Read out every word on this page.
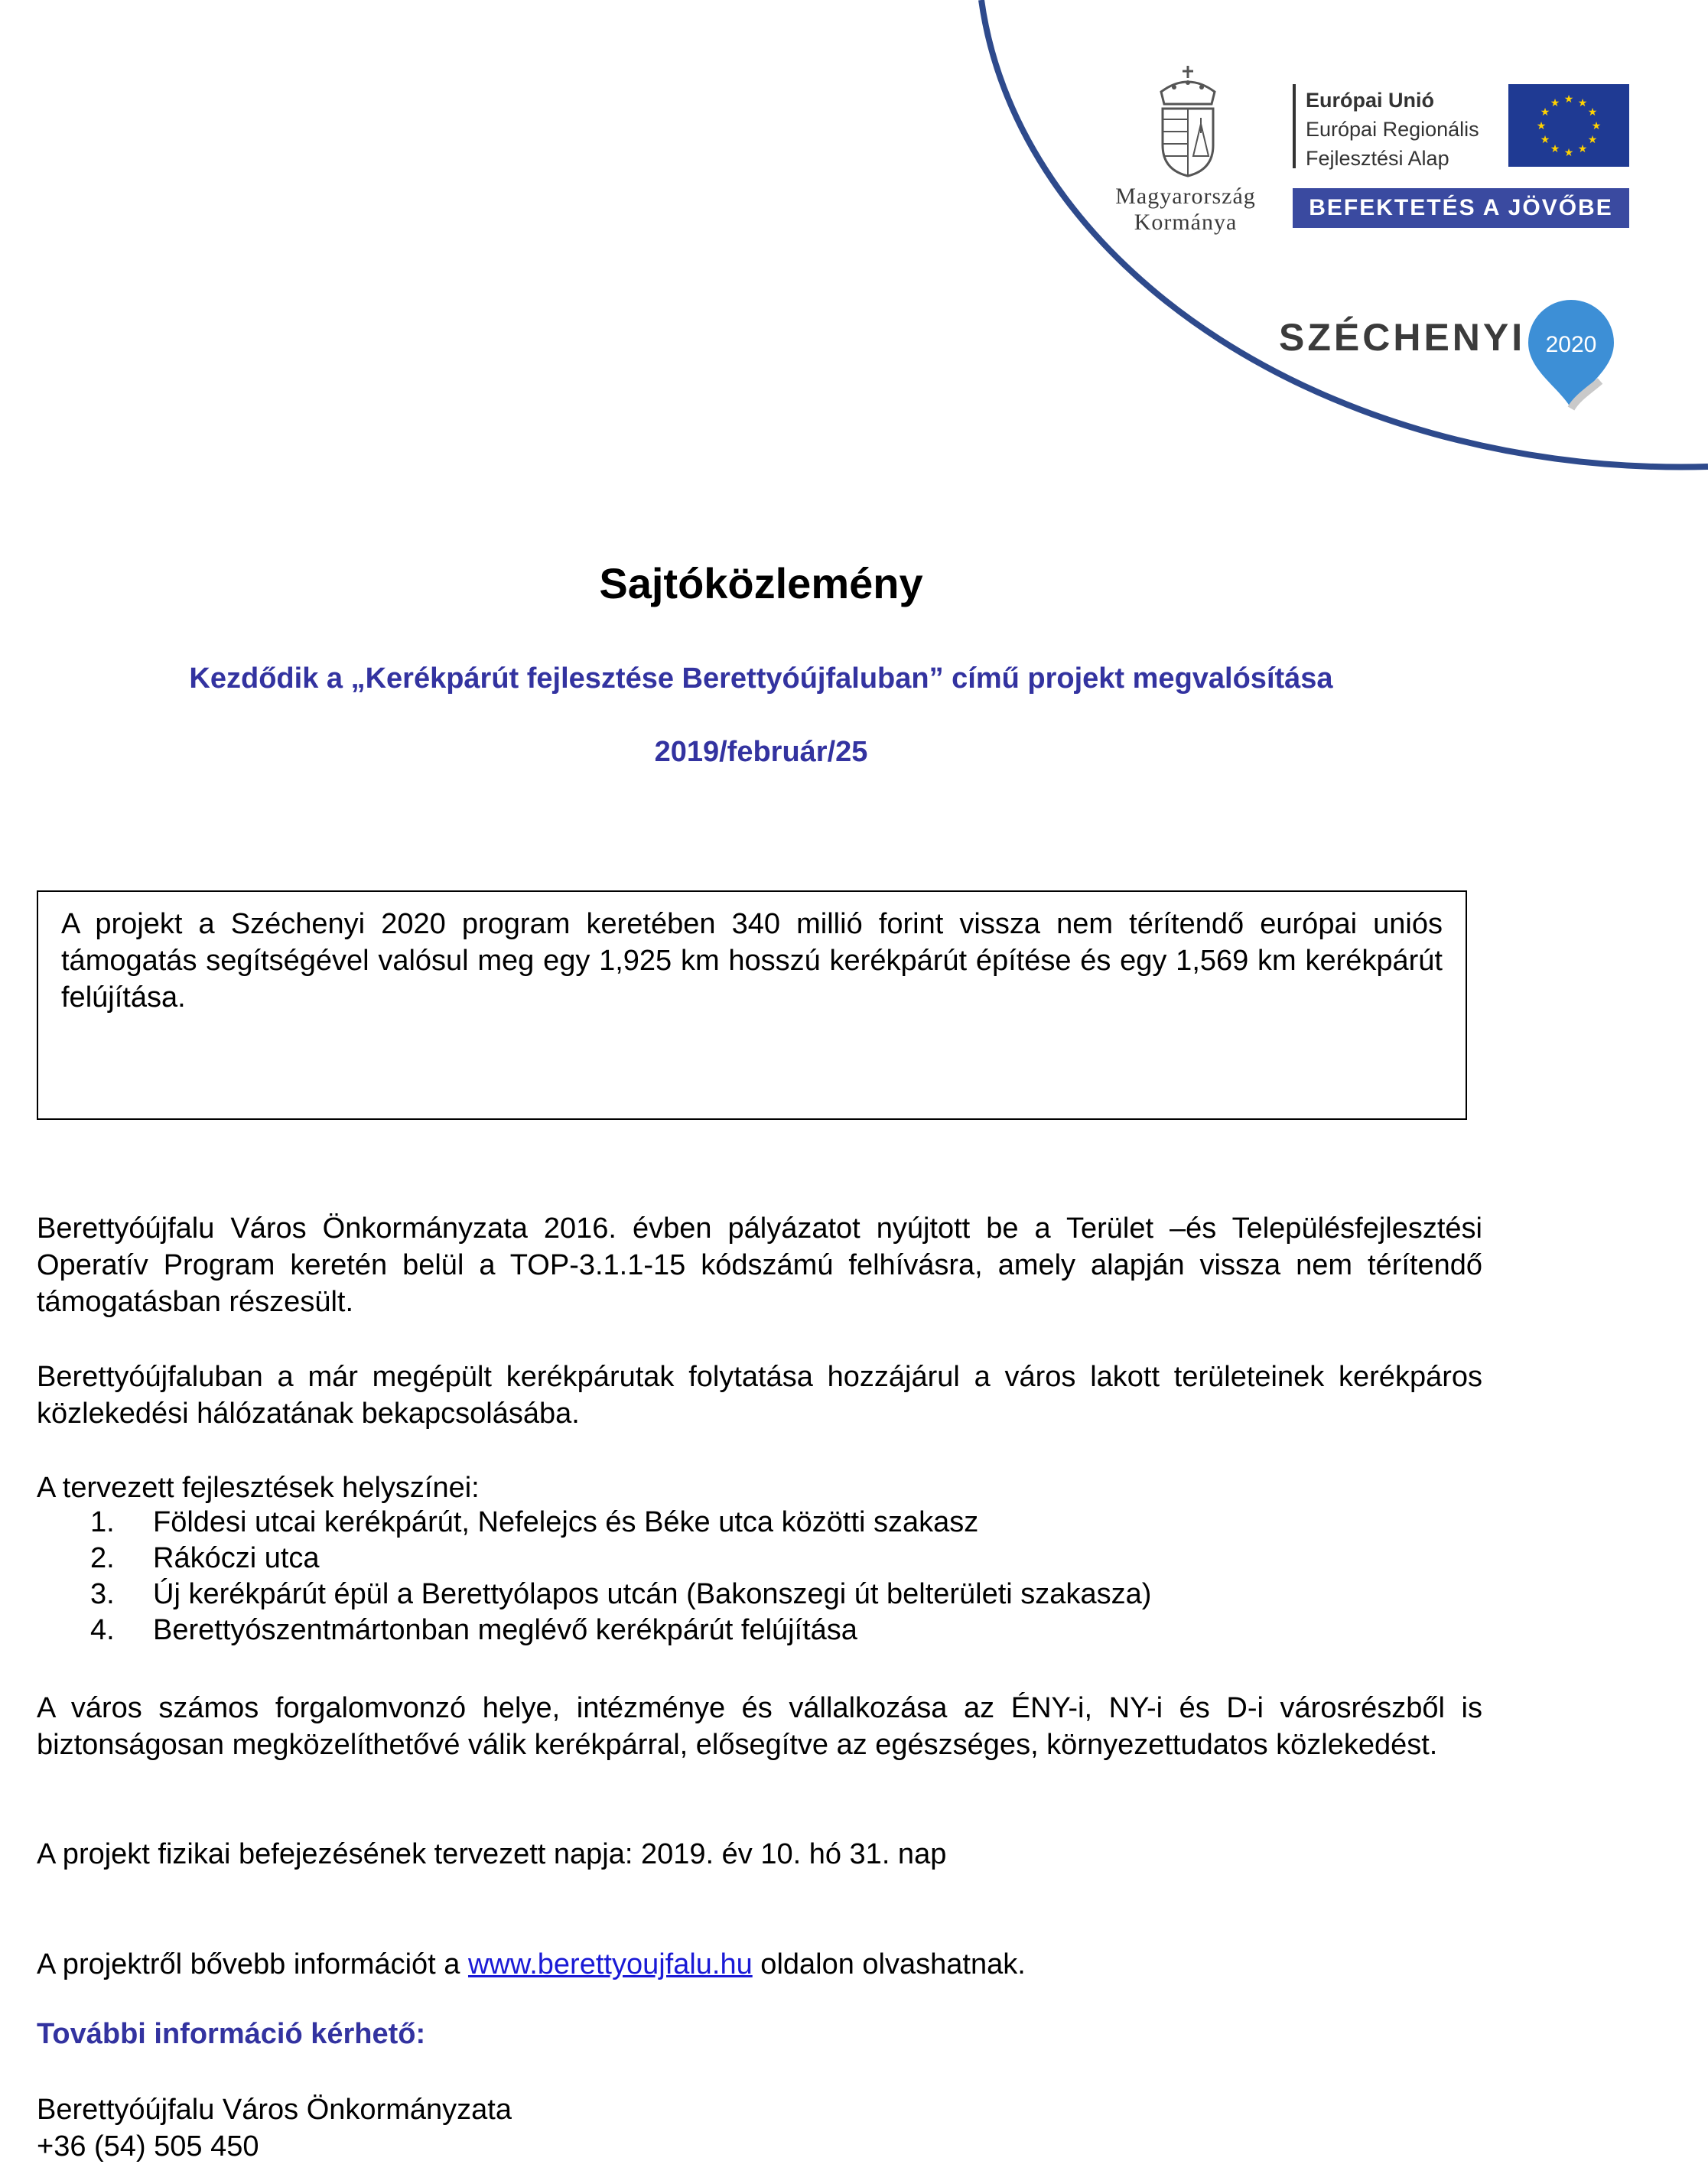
Magyarország
Kormánya
Európai Unió
Európai Regionális
Fejlesztési Alap
★ ★
★
★
★
★
★
★
★
★
★
★
BEFEKTETÉS A JÖVŐBE
SZÉCHENYI 2020
Sajtóközlemény
Kezdődik a „Kerékpárút fejlesztése Berettyóújfaluban” című projekt megvalósítása
2019/február/25

A projekt a Széchenyi 2020 program keretében 340 millió forint vissza nem térítendő európai uniós támogatás segítségével valósul meg egy 1,925 km hosszú kerékpárút építése és egy 1,569 km kerékpárút felújítása.

Berettyóújfalu Város Önkormányzata 2016. évben pályázatot nyújtott be a Terület –és Településfejlesztési Operatív Program keretén belül a TOP-3.1.1-15 kódszámú felhívásra, amely alapján vissza nem térítendő támogatásban részesült.

Berettyóújfaluban a már megépült kerékpárutak folytatása hozzájárul a város lakott területeinek kerékpáros közlekedési hálózatának bekapcsolásába.

A tervezett fejlesztések helyszínei:

1. Földesi utcai kerékpárút, Nefelejcs és Béke utca közötti szakasz
2. Rákóczi utca
3. Új kerékpárút épül a Berettyólapos utcán (Bakonszegi út belterületi szakasza)
4. Berettyószentmártonban meglévő kerékpárút felújítása

A város számos forgalomvonzó helye, intézménye és vállalkozása az ÉNY-i, NY-i és D-i városrészből is biztonságosan megközelíthetővé válik kerékpárral, elősegítve az egészséges, környezettudatos közlekedést.

A projekt fizikai befejezésének tervezett napja: 2019. év 10. hó 31. nap

A projektről bővebb információt a www.berettyoujfalu.hu oldalon olvashatnak.

További információ kérhető:
Berettyóújfalu Város Önkormányzata
+36 (54) 505 450
